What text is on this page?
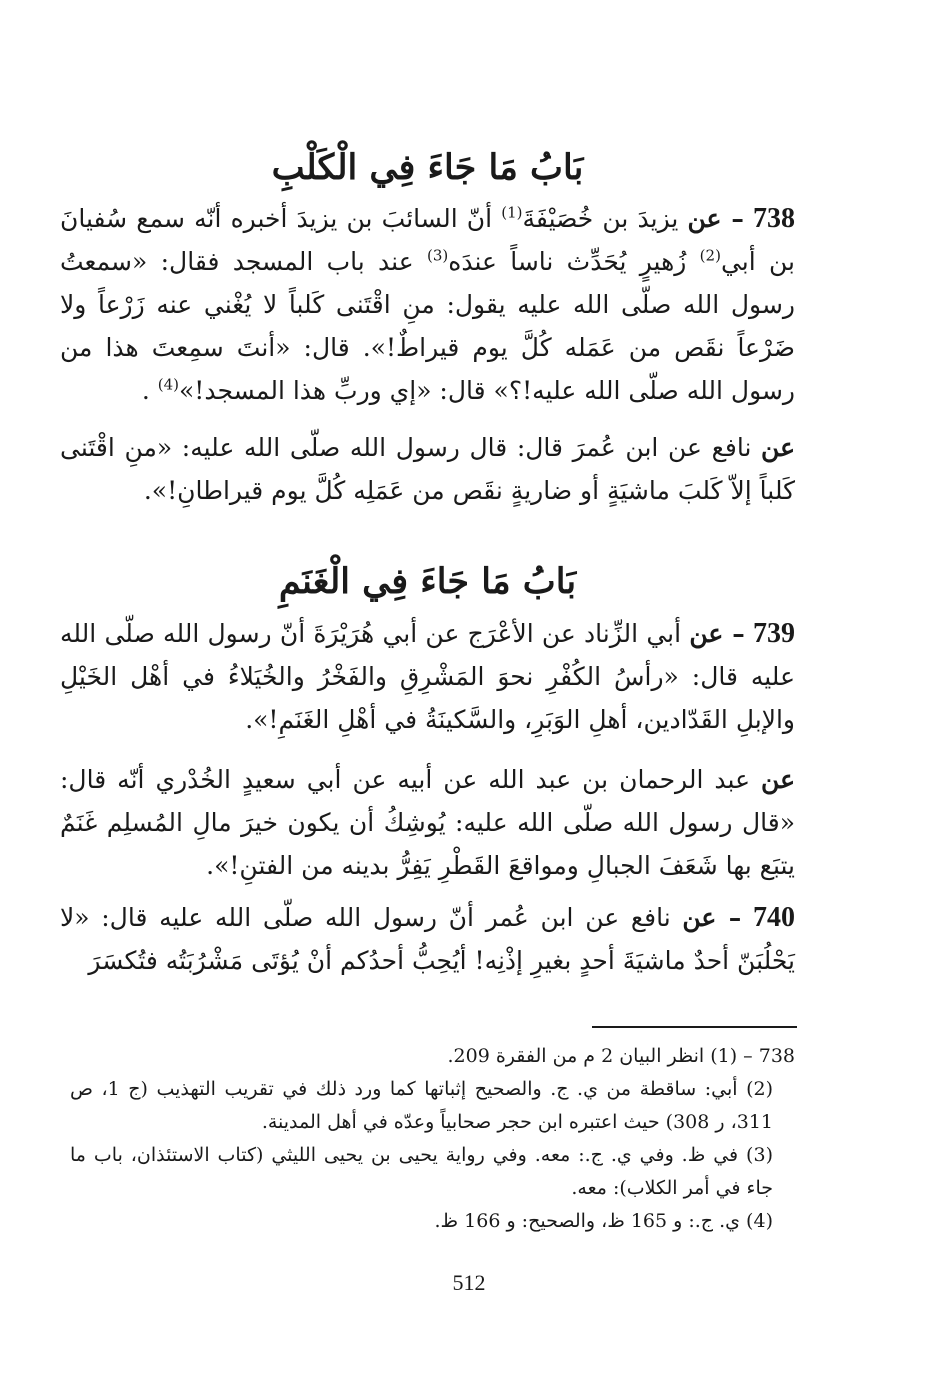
بَابُ مَا جَاءَ فِي الْكَلْبِ
738 – عن يزيدَ بن خُصَيْفَةَ$^{(1)}$ أنّ السائبَ بن يزيدَ أخبره أنّه سمع سُفيانَ بن أبي$^{(2)}$ زُهيرٍ يُحَدِّث ناساً عندَه$^{(3)}$ عند باب المسجد فقال: «سمعتُ رسول الله صلّى الله عليه يقول: منِ اقْتَنى كَلباً لا يُغْني عنه زَرْعاً ولا ضَرْعاً نقَص من عَمَله كُلَّ يوم قيراطٌ!». قال: «أنتَ سمِعتَ هذا من رسول الله صلّى الله عليه!؟» قال: «إي وربِّ هذا المسجد!»$^{(4)}$ .
عن نافع عن ابن عُمرَ قال: قال رسول الله صلّى الله عليه: «منِ اقْتَنى كَلباً إلاّ كَلبَ ماشيَةٍ أو ضاريةٍ نقَص من عَمَلِه كُلَّ يوم قيراطانِ!».
بَابُ مَا جَاءَ فِي الْغَنَمِ
739 – عن أبي الزِّناد عن الأعْرَج عن أبي هُرَيْرَةَ أنّ رسول الله صلّى الله عليه قال: «رأسُ الكُفْرِ نحوَ المَشْرِقِ والفَخْرُ والخُيَلاءُ في أهْل الخَيْلِ والإبلِ القَدّادين، أهلِ الوَبَرِ، والسَّكينَةُ في أهْلِ الغَنَمِ!».
عن عبد الرحمان بن عبد الله عن أبيه عن أبي سعيدٍ الخُدْري أنّه قال: «قال رسول الله صلّى الله عليه: يُوشِكُ أن يكون خيرَ مالِ المُسلِم غَنَمٌ يتبَع بها شَعَفَ الجبالِ ومواقعَ القَطْرِ يَفِرُّ بدينه من الفتنِ!».
740 – عن نافع عن ابن عُمر أنّ رسول الله صلّى الله عليه قال: «لا يَحْلُبَنّ أحدٌ ماشيَةَ أحدٍ بغيرِ إذْنِه! أيُحِبُّ أحدُكم أنْ يُؤتَى مَشْرُبَتُه فتُكسَرَ
738 – (1) انظر البيان 2 م من الفقرة 209.
(2) أبي: ساقطة من ي. ج. والصحيح إثباتها كما ورد ذلك في تقريب التهذيب (ج 1، ص 311، ر 308) حيث اعتبره ابن حجر صحابياً وعدّه في أهل المدينة.
(3) في ظ. وفي ي. ج.: معه. وفي رواية يحيى بن يحيى الليثي (كتاب الاستئذان، باب ما جاء في أمر الكلاب): معه.
(4) ي. ج.: و 165 ظ، والصحيح: و 166 ظ.
512
